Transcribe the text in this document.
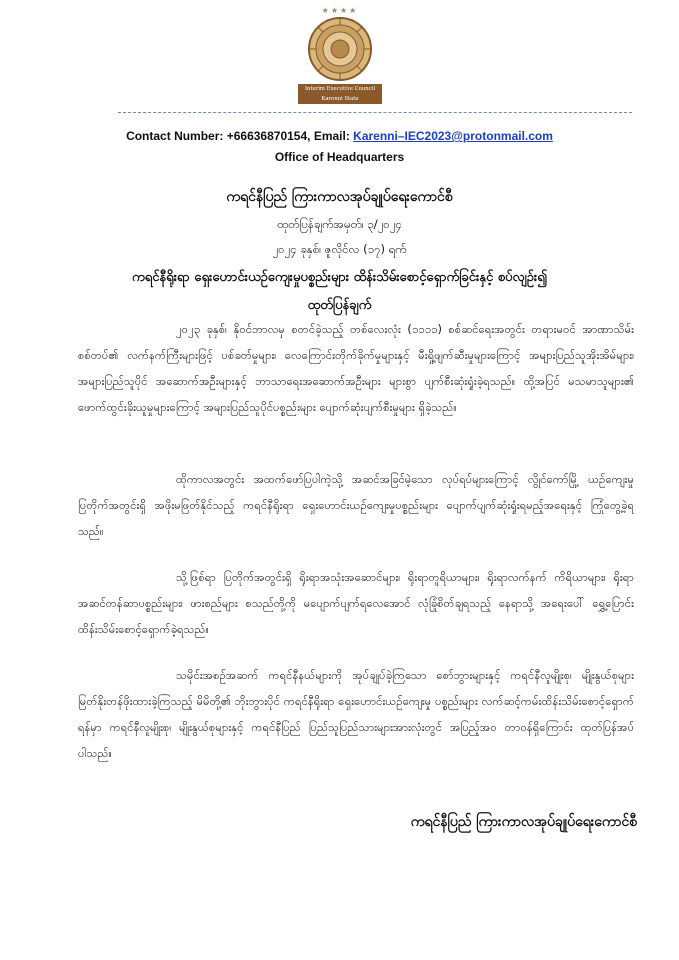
★★★★
Interim Executive Council
Karenni State
Contact Number: +66636870154, Email: Karenni–IEC2023@protonmail.com
Office of Headquarters
ကရင်နီပြည် ကြားကာလအုပ်ချုပ်ရေးကောင်စီ
ထုတ်ပြန်ချက်အမှတ်၊ ၃/၂၀၂၄
၂၀၂၄ ခုနှစ်၊ ဇူလိုင်လ (၁၇) ရက်
ကရင်နီရိုးရာ ရှေးဟောင်းယဉ်ကျေးမှုပစ္စည်းများ ထိန်းသိမ်းစောင့်ရှောက်ခြင်းနှင့် စပ်လျဉ်း၍
ထုတ်ပြန်ချက်

၂၀၂၃ ခုနှစ်၊ နိုဝင်ဘာလမှ စတင်ခဲ့သည့် တစ်လေးလုံး (၁၁၁၁) စစ်ဆင်ရေးအတွင်း တရားမဝင် အာဏာသိမ်းစစ်တပ်၏ လက်နက်ကြီးများဖြင့် ပစ်ခတ်မှုများ၊ လေကြောင်းတိုက်ခိုက်မှုများနှင့် မီးရှို့ဖျက်ဆီးမှုများကြောင့် အများပြည်သူအိုးအိမ်များ၊ အများပြည်သူပိုင် အဆောက်အဦးများနှင့် ဘာသာရေးအဆောက်အဦးများ များစွာ ပျက်စီးဆုံးရှုံးခဲ့ရသည်။ ထို့အပြင် မသမာသူများ၏ ဖောက်ထွင်းခိုးယူမှုများကြောင့် အများပြည်သူပိုင်ပစ္စည်းများ ပျောက်ဆုံးပျက်စီးမှုများ ရှိခဲ့သည်။

ထိုကာလအတွင်း အထက်ဖော်ပြပါကဲ့သို့ အဆင်အခြင်မဲ့သော လုပ်ရပ်များကြောင့် လွိုင်ကော်မြို့ ယဉ်ကျေးမှုပြတိုက်အတွင်းရှိ အဖိုးမဖြတ်နိုင်သည့် ကရင်နီရိုးရာ ရှေးဟောင်းယဉ်ကျေးမှုပစ္စည်းများ ပျောက်ပျက်ဆုံးရှုံးရမည့်အရေးနှင့် ကြုံတွေ့ခဲ့ရသည်။

သို့ဖြစ်ရာ ပြတိုက်အတွင်းရှိ ရိုးရာအသုံးအဆောင်များ၊ ရိုးရာတူရိယာများ၊ ရိုးရာလက်နက် ကိရိယာများ၊ ရိုးရာအဆင်တန်ဆာပစ္စည်းများ၊ ဖားစည်များ စသည်တို့ကို မပျောက်ပျက်ရလေအောင် လုံခြုံစိတ်ချရသည့် နေရာသို့ အရေးပေါ် ရွှေ့ပြောင်း ထိန်းသိမ်းစောင့်ရှောက်ခဲ့ရသည်။

သမိုင်းအစဉ်အဆက် ကရင်နီနယ်များကို အုပ်ချုပ်ခဲ့ကြသော စော်ဘွားများနှင့် ကရင်နီလူမျိုးစု၊ မျိုးနွယ်စုများ မြတ်နိုးတန်ဖိုးထားခဲ့ကြသည့် မိမိတို့၏ ဘိုးဘွားပိုင် ကရင်နီရိုးရာ ရှေးဟောင်းယဉ်ကျေးမှု ပစ္စည်းများ လက်ဆင့်ကမ်းထိန်းသိမ်းစောင့်ရှောက်ရန်မှာ ကရင်နီလူမျိုးစု၊ မျိုးနွယ်စုများနှင့် ကရင်နီပြည် ပြည်သူပြည်သားများအားလုံးတွင် အပြည့်အဝ တာဝန်ရှိကြောင်း ထုတ်ပြန်အပ်ပါသည်။

ကရင်နီပြည် ကြားကာလအုပ်ချုပ်ရေးကောင်စီ
